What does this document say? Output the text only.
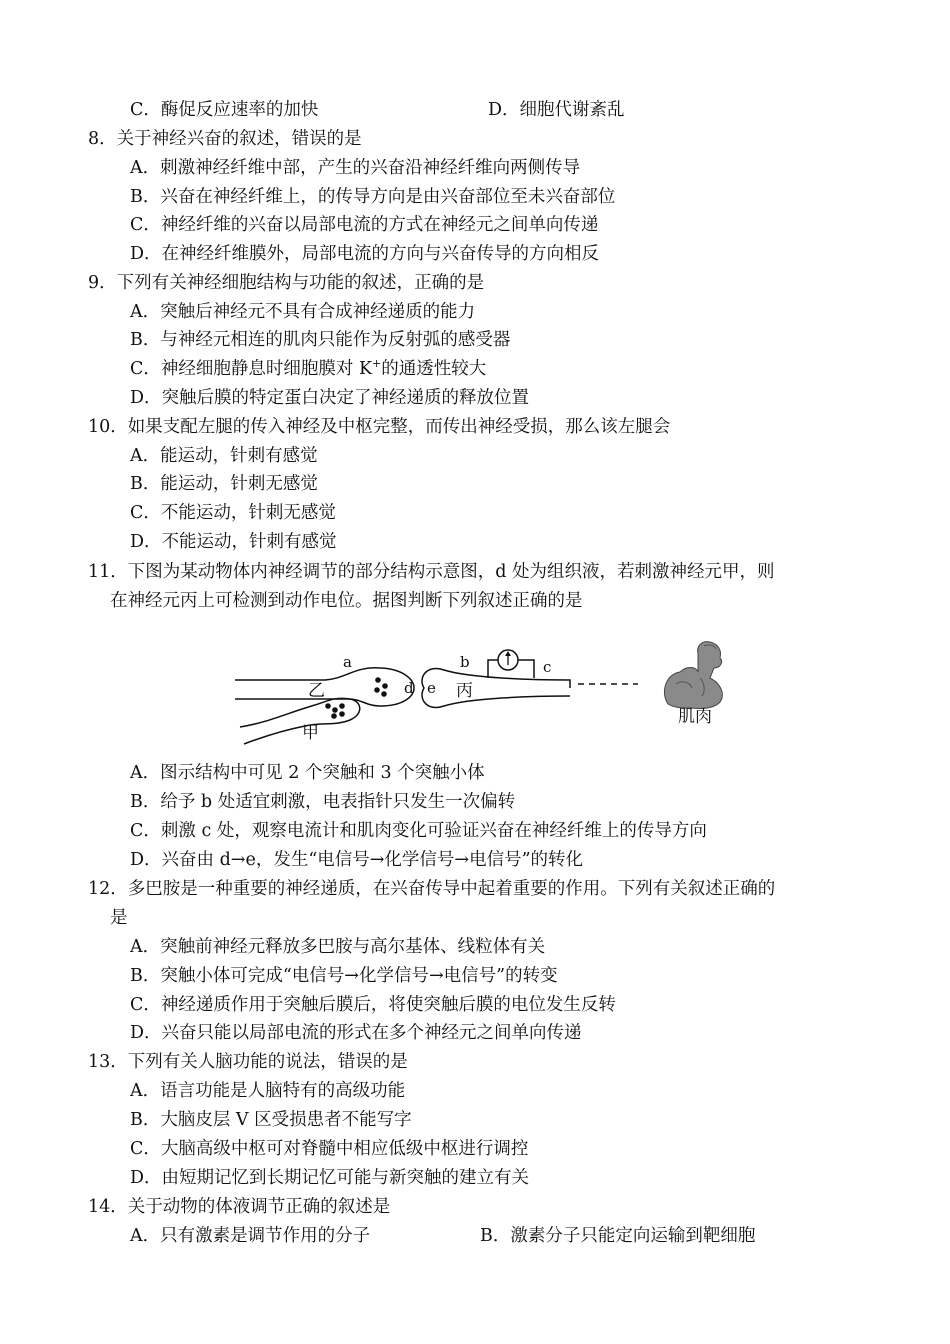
C．酶促反应速率的加快	D．细胞代谢紊乱
8．关于神经兴奋的叙述，错误的是
A．刺激神经纤维中部，产生的兴奋沿神经纤维向两侧传导
B．兴奋在神经纤维上，的传导方向是由兴奋部位至未兴奋部位
C．神经纤维的兴奋以局部电流的方式在神经元之间单向传递
D．在神经纤维膜外，局部电流的方向与兴奋传导的方向相反
9．下列有关神经细胞结构与功能的叙述，正确的是
A．突触后神经元不具有合成神经递质的能力
B．与神经元相连的肌肉只能作为反射弧的感受器
C．神经细胞静息时细胞膜对 K+的通透性较大
D．突触后膜的特定蛋白决定了神经递质的释放位置
10．如果支配左腿的传入神经及中枢完整，而传出神经受损，那么该左腿会
A．能运动，针刺有感觉
B．能运动，针刺无感觉
C．不能运动，针刺无感觉
D．不能运动，针刺有感觉
11．下图为某动物体内神经调节的部分结构示意图，d 处为组织液，若刺激神经元甲，则
在神经元丙上可检测到动作电位。据图判断下列叙述正确的是
a	b	c
d e
乙	丙
甲
肌肉
A．图示结构中可见 2 个突触和 3 个突触小体
B．给予 b 处适宜刺激，电表指针只发生一次偏转
C．刺激 c 处，观察电流计和肌肉变化可验证兴奋在神经纤维上的传导方向
D．兴奋由 d→e，发生“电信号→化学信号→电信号”的转化
12．多巴胺是一种重要的神经递质，在兴奋传导中起着重要的作用。下列有关叙述正确的
是
A．突触前神经元释放多巴胺与高尔基体、线粒体有关
B．突触小体可完成“电信号→化学信号→电信号”的转变
C．神经递质作用于突触后膜后，将使突触后膜的电位发生反转
D．兴奋只能以局部电流的形式在多个神经元之间单向传递
13．下列有关人脑功能的说法，错误的是
A．语言功能是人脑特有的高级功能
B．大脑皮层 V 区受损患者不能写字
C．大脑高级中枢可对脊髓中相应低级中枢进行调控
D．由短期记忆到长期记忆可能与新突触的建立有关
14．关于动物的体液调节正确的叙述是
A．只有激素是调节作用的分子	B．激素分子只能定向运输到靶细胞
